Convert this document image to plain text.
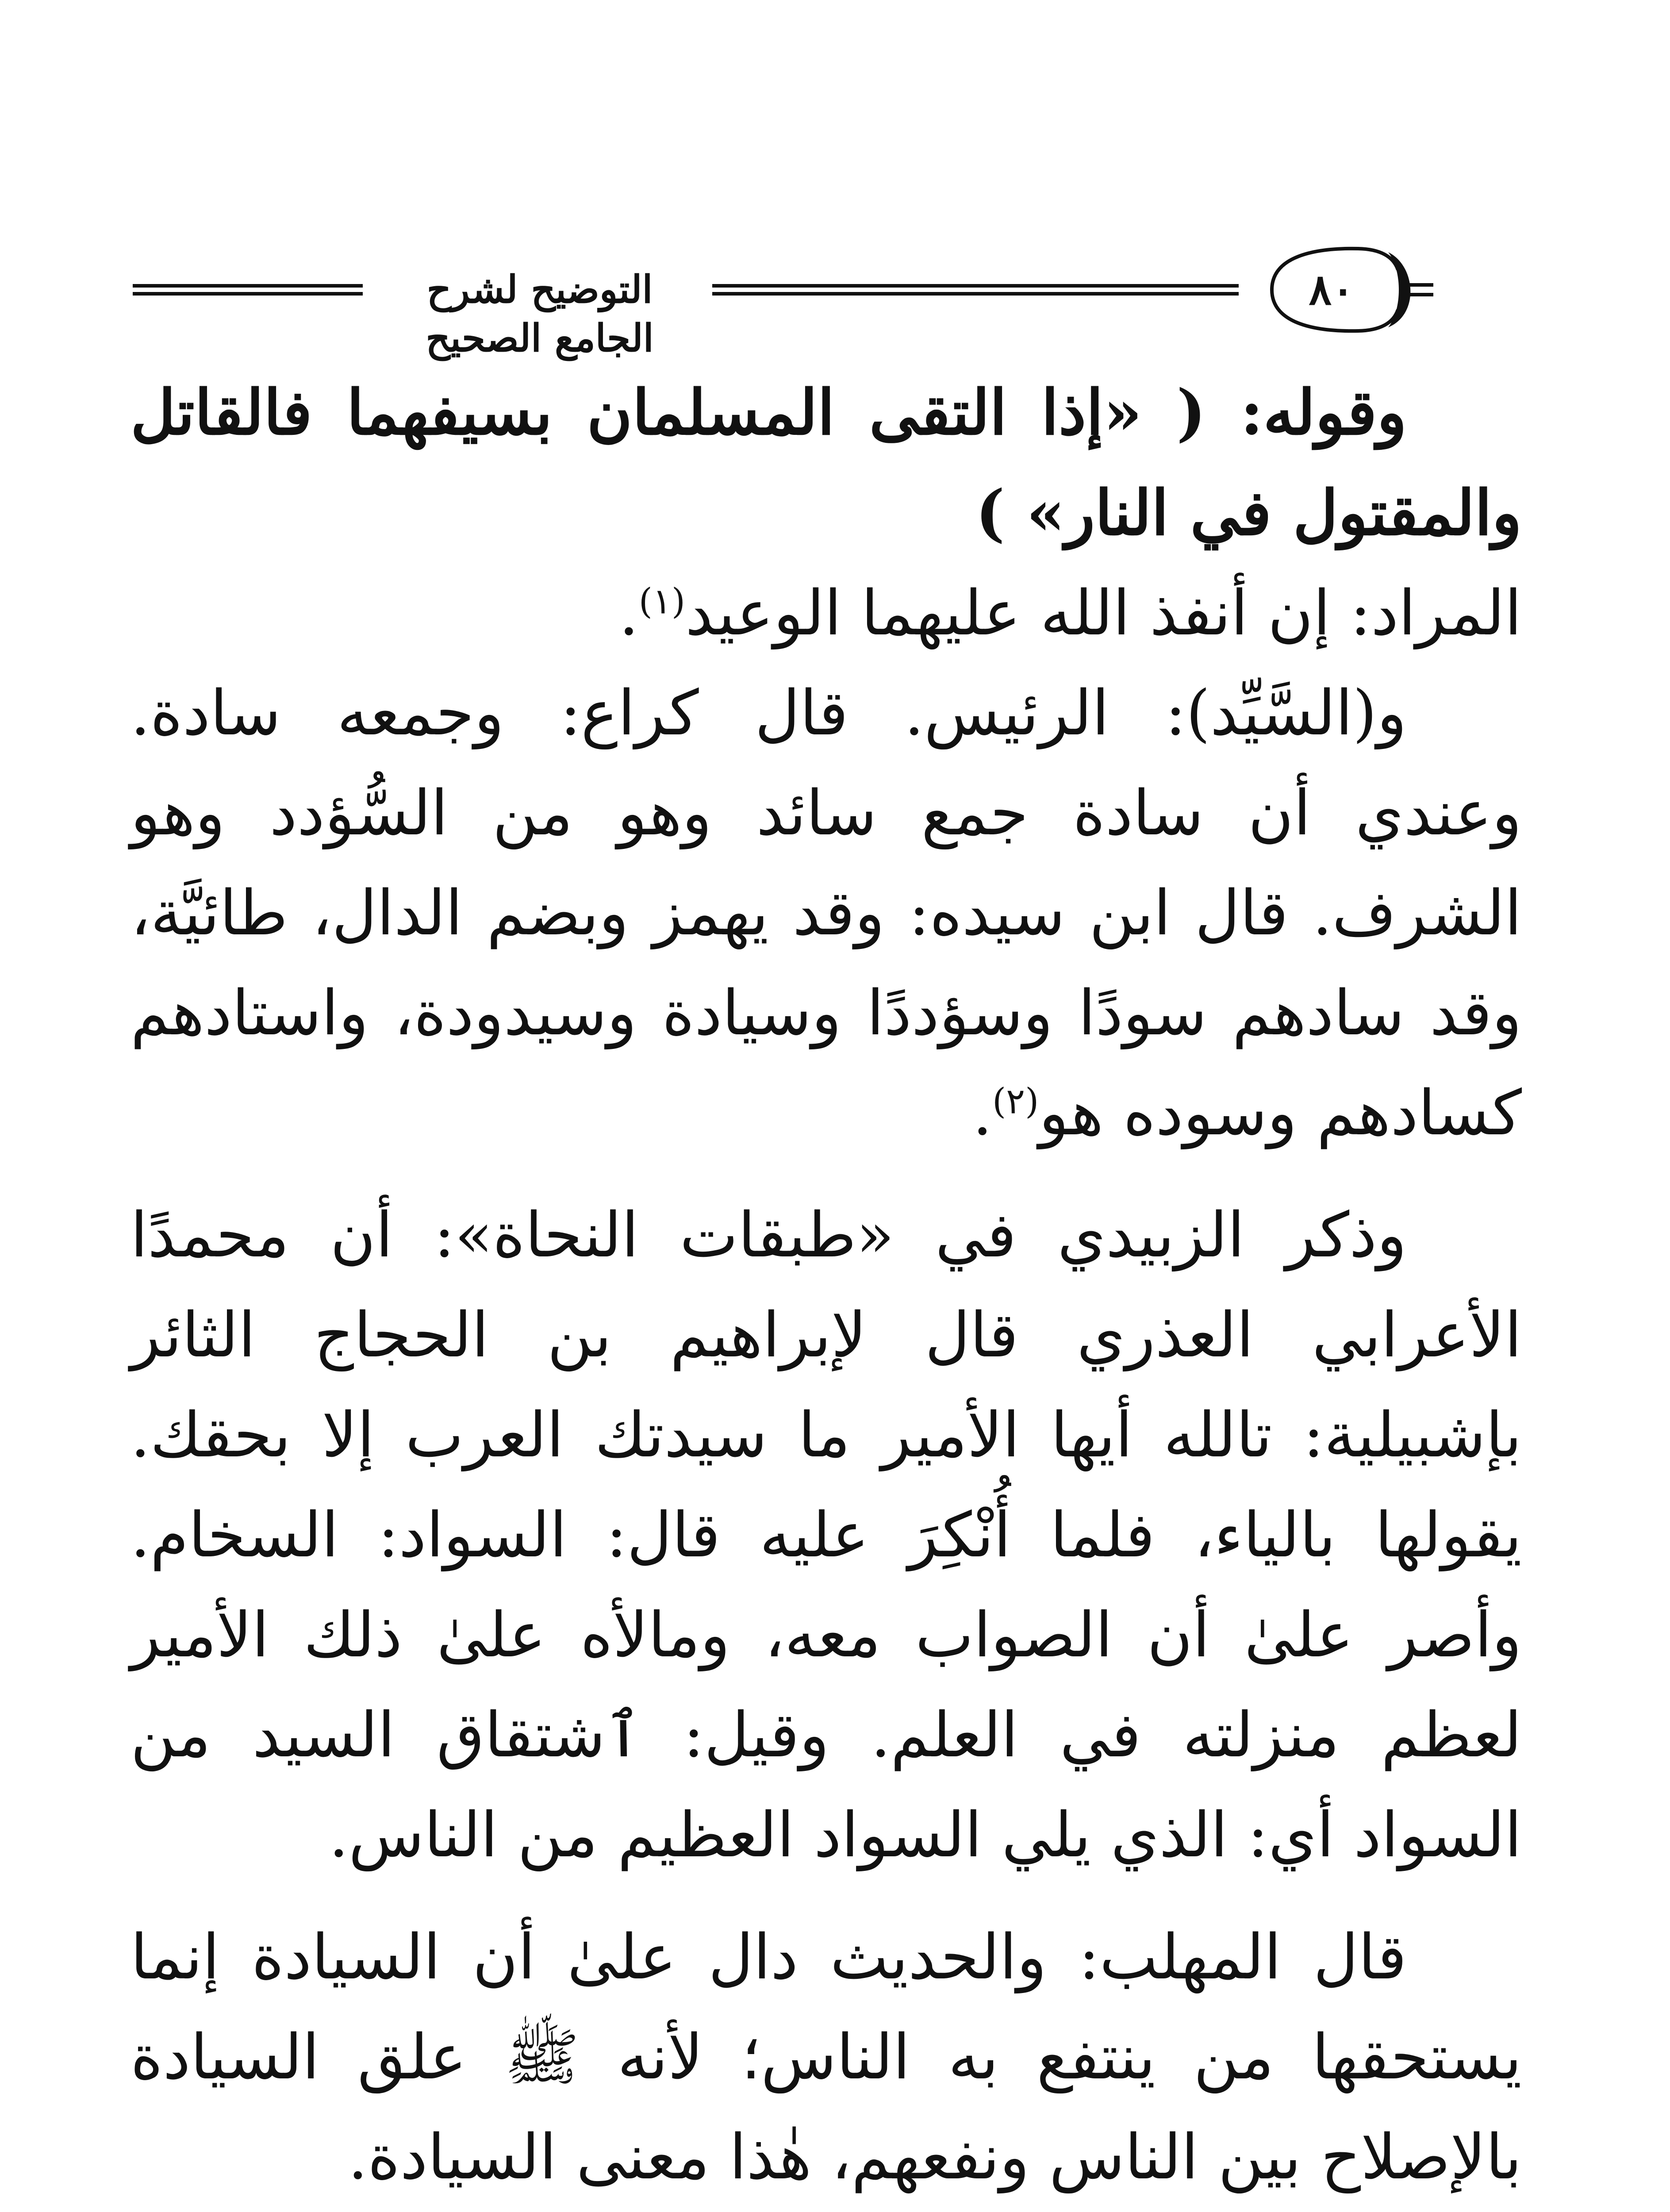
التوضيح لشرح الجامع الصحيح
٨٠

وقوله: ( «إذا التقى المسلمان بسيفهما فالقاتل والمقتول في النار» )
المراد: إن أنفذ الله عليهما الوعيد$^{(١)}$.

و(السَّيِّد): الرئيس. قال كراع: وجمعه سادة. وعندي أن سادة جمع سائد وهو من السُّؤدد وهو الشرف. قال ابن سيده: وقد يهمز وبضم الدال، طائيَّة، وقد سادهم سودًا وسؤددًا وسيادة وسيدودة، واستادهم كسادهم وسوده هو$^{(٢)}$.

وذكر الزبيدي في «طبقات النحاة»: أن محمدًا الأعرابي العذري قال لإبراهيم بن الحجاج الثائر بإشبيلية: تالله أيها الأمير ما سيدتك العرب إلا بحقك. يقولها بالياء، فلما أُنْكِرَ عليه قال: السواد: السخام. وأصر علىٰ أن الصواب معه، ومالأه علىٰ ذلك الأمير لعظم منزلته في العلم. وقيل: ٱشتقاق السيد من السواد أي: الذي يلي السواد العظيم من الناس.

قال المهلب: والحديث دال علىٰ أن السيادة إنما يستحقها من ينتفع به الناس؛ لأنه ﷺ علق السيادة بالإصلاح بين الناس ونفعهم، هٰذا معنى السيادة.
